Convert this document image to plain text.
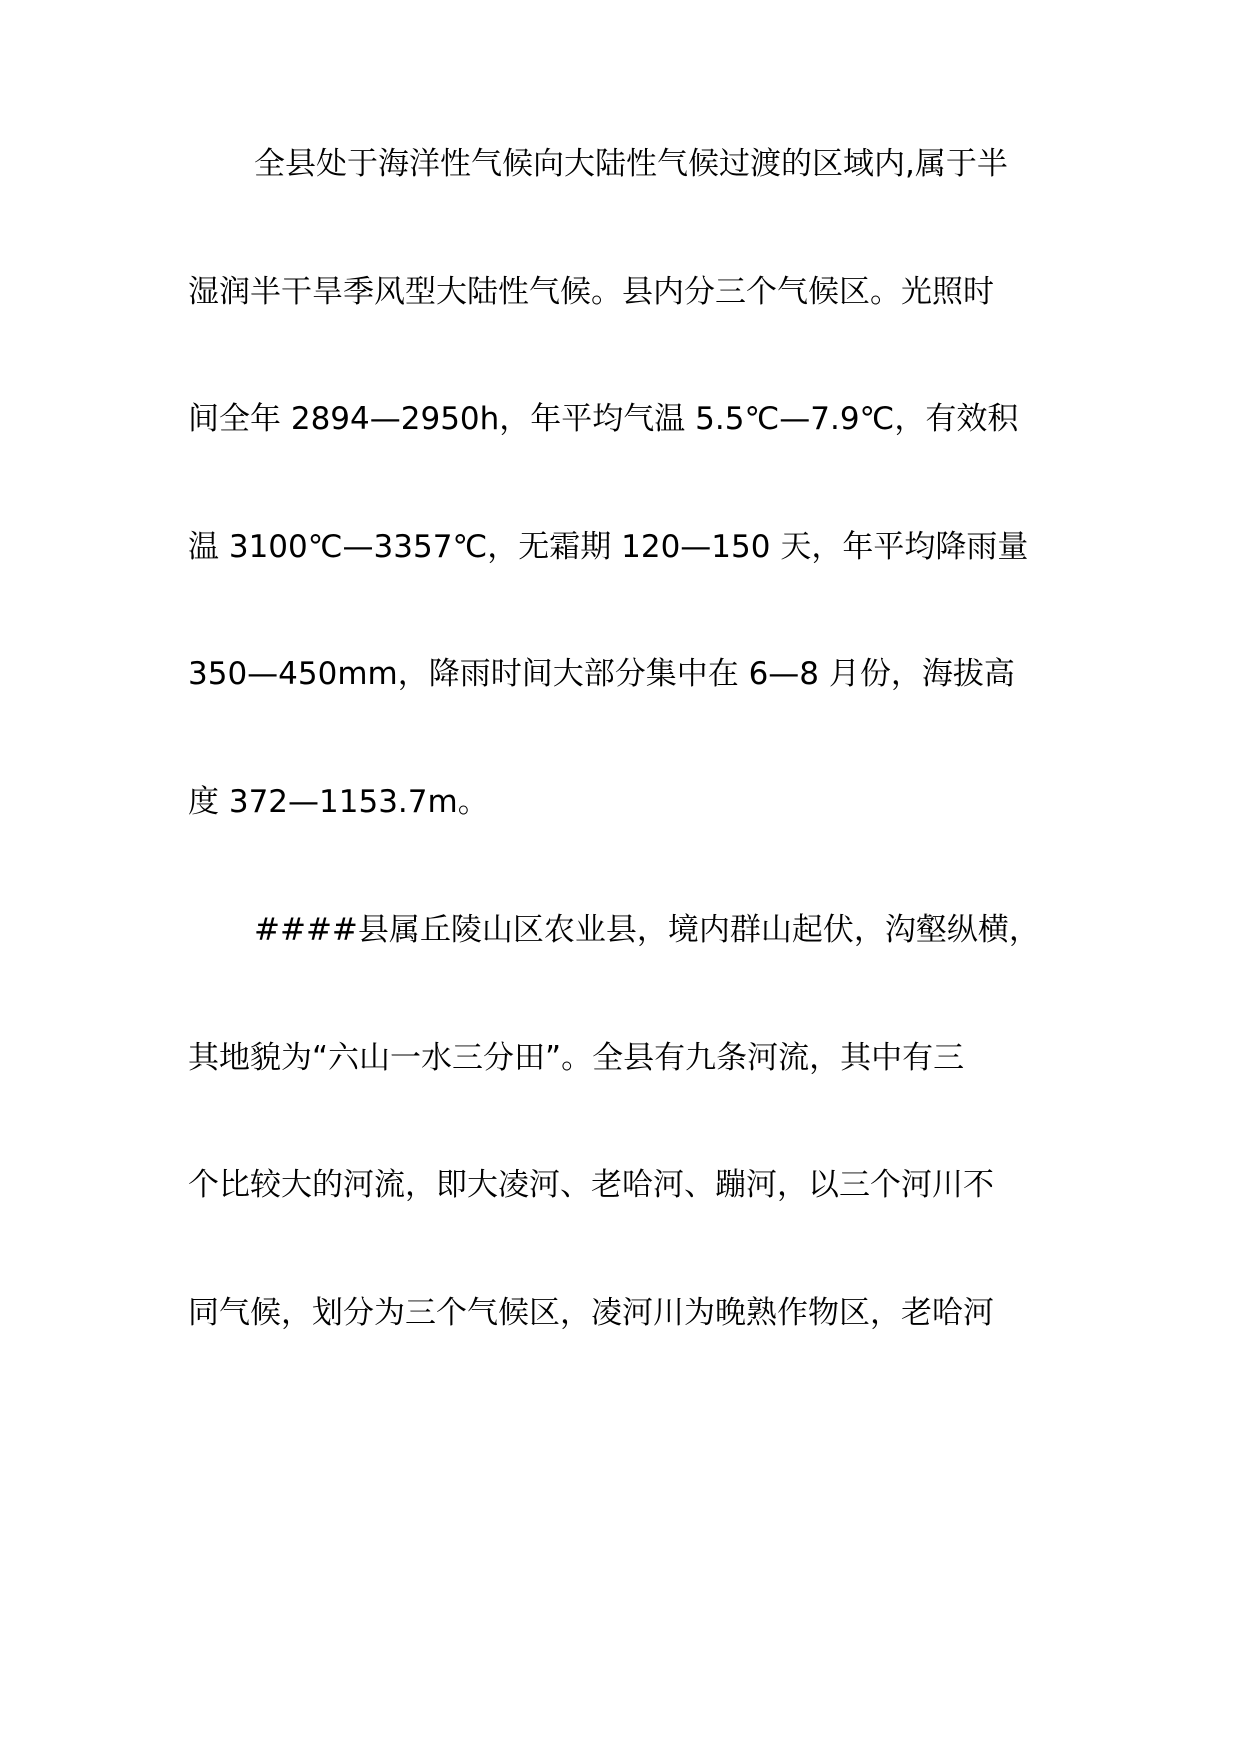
全县处于海洋性气候向大陆性气候过渡的区域内,属于半
湿润半干旱季风型大陆性气候。县内分三个气候区。光照时
间全年 2894—2950h，年平均气温 5.5℃—7.9℃，有效积
温 3100℃—3357℃，无霜期 120—150 天，年平均降雨量
350—450mm，降雨时间大部分集中在 6—8 月份，海拔高
度 372—1153.7m。
####县属丘陵山区农业县，境内群山起伏，沟壑纵横，
其地貌为“六山一水三分田”。全县有九条河流，其中有三
个比较大的河流，即大凌河、老哈河、蹦河，以三个河川不
同气候，划分为三个气候区，凌河川为晚熟作物区，老哈河
